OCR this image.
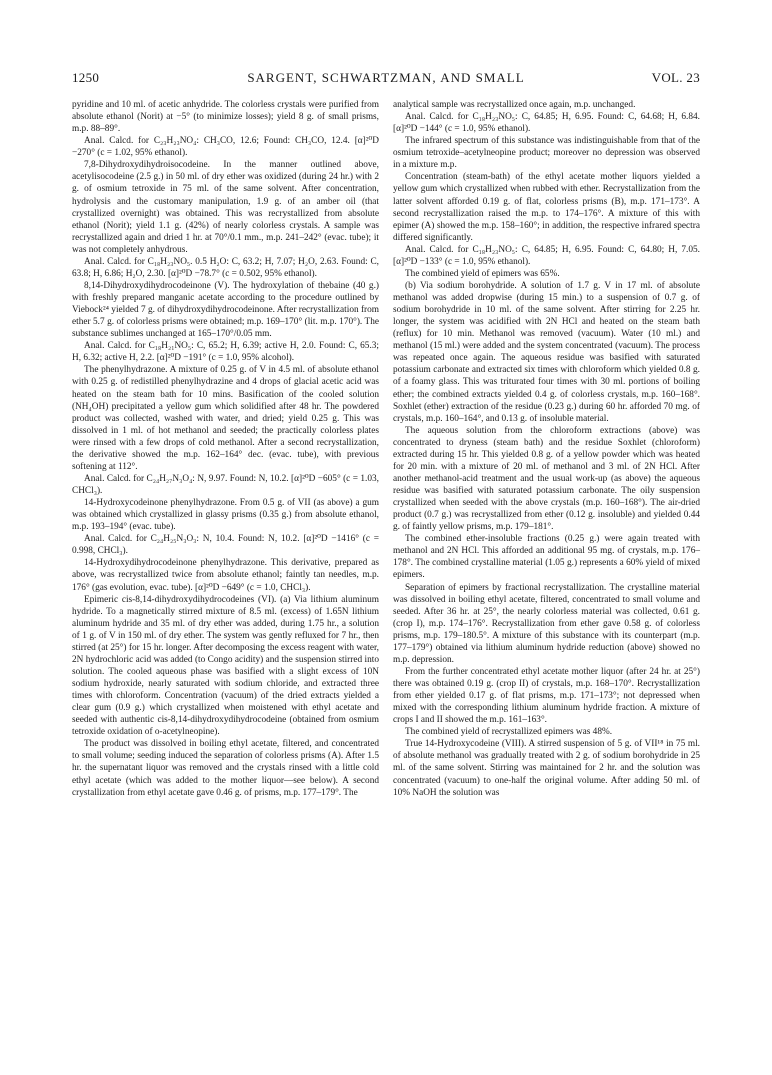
1250	SARGENT, SCHWARTZMAN, AND SMALL	VOL. 23

pyridine and 10 ml. of acetic anhydride. The colorless crystals were purified from absolute ethanol (Norit) at −5° (to minimize losses); yield 8 g. of small prisms, m.p. 88–89°.

Anal. Calcd. for C₂₃H₂₃NO₄: CH₃CO, 12.6; Found: CH₃CO, 12.4. [α]²⁰D −270° (c = 1.02, 95% ethanol).

7,8-Dihydroxydihydroisocodeine. In the manner outlined above, acetylisocodeine (2.5 g.) in 50 ml. of dry ether was oxidized (during 24 hr.) with 2 g. of osmium tetroxide in 75 ml. of the same solvent. After concentration, hydrolysis and the customary manipulation, 1.9 g. of an amber oil (that crystallized overnight) was obtained. This was recrystallized from absolute ethanol (Norit); yield 1.1 g. (42%) of nearly colorless crystals. A sample was recrystallized again and dried 1 hr. at 70°/0.1 mm., m.p. 241–242° (evac. tube); it was not completely anhydrous.

Anal. Calcd. for C₁₈H₂₃NO₅. 0.5 H₂O: C, 63.2; H, 7.07; H₂O, 2.63. Found: C, 63.8; H, 6.86; H₂O, 2.30. [α]²⁰D −78.7° (c = 0.502, 95% ethanol).

8,14-Dihydroxydihydrocodeinone (V). The hydroxylation of thebaine (40 g.) with freshly prepared manganic acetate according to the procedure outlined by Viebock²⁴ yielded 7 g. of dihydroxydihydrocodeinone. After recrystallization from ether 5.7 g. of colorless prisms were obtained; m.p. 169–170° (lit. m.p. 170°). The substance sublimes unchanged at 165–170°/0.05 mm.

Anal. Calcd. for C₁₈H₂₁NO₅: C, 65.2; H, 6.39; active H, 2.0. Found: C, 65.3; H, 6.32; active H, 2.2. [α]²⁰D −191° (c = 1.0, 95% alcohol).

The phenylhydrazone. A mixture of 0.25 g. of V in 4.5 ml. of absolute ethanol with 0.25 g. of redistilled phenylhydrazine and 4 drops of glacial acetic acid was heated on the steam bath for 10 mins. Basification of the cooled solution (NH₄OH) precipitated a yellow gum which solidified after 48 hr. The powdered product was collected, washed with water, and dried; yield 0.25 g. This was dissolved in 1 ml. of hot methanol and seeded; the practically colorless plates were rinsed with a few drops of cold methanol. After a second recrystallization, the derivative showed the m.p. 162–164° dec. (evac. tube), with previous softening at 112°.

Anal. Calcd. for C₂₄H₂₇N₃O₄: N, 9.97. Found: N, 10.2. [α]²⁰D −605° (c = 1.03, CHCl₃).

14-Hydroxycodeinone phenylhydrazone. From 0.5 g. of VII (as above) a gum was obtained which crystallized in glassy prisms (0.35 g.) from absolute ethanol, m.p. 193–194° (evac. tube).

Anal. Calcd. for C₂₄H₂₅N₃O₃: N, 10.4. Found: N, 10.2. [α]²⁰D −1416° (c = 0.998, CHCl₃).

14-Hydroxydihydrocodeinone phenylhydrazone. This derivative, prepared as above, was recrystallized twice from absolute ethanol; faintly tan needles, m.p. 176° (gas evolution, evac. tube). [α]²⁰D −649° (c = 1.0, CHCl₃).

Epimeric cis-8,14-dihydroxydihydrocodeines (VI). (a) Via lithium aluminum hydride. To a magnetically stirred mixture of 8.5 ml. (excess) of 1.65N lithium aluminum hydride and 35 ml. of dry ether was added, during 1.75 hr., a solution of 1 g. of V in 150 ml. of dry ether. The system was gently refluxed for 7 hr., then stirred (at 25°) for 15 hr. longer. After decomposing the excess reagent with water, 2N hydrochloric acid was added (to Congo acidity) and the suspension stirred into solution. The cooled aqueous phase was basified with a slight excess of 10N sodium hydroxide, nearly saturated with sodium chloride, and extracted three times with chloroform. Concentration (vacuum) of the dried extracts yielded a clear gum (0.9 g.) which crystallized when moistened with ethyl acetate and seeded with authentic cis-8,14-dihydroxydihydrocodeine (obtained from osmium tetroxide oxidation of o-acetylneopine).

The product was dissolved in boiling ethyl acetate, filtered, and concentrated to small volume; seeding induced the separation of colorless prisms (A). After 1.5 hr. the supernatant liquor was removed and the crystals rinsed with a little cold ethyl acetate (which was added to the mother liquor—see below). A second crystallization from ethyl acetate gave 0.46 g. of prisms, m.p. 177–179°. The

analytical sample was recrystallized once again, m.p. unchanged.

Anal. Calcd. for C₁₈H₂₃NO₅: C, 64.85; H, 6.95. Found: C, 64.68; H, 6.84. [α]²⁰D −144° (c = 1.0, 95% ethanol).

The infrared spectrum of this substance was indistinguishable from that of the osmium tetroxide–acetylneopine product; moreover no depression was observed in a mixture m.p.

Concentration (steam-bath) of the ethyl acetate mother liquors yielded a yellow gum which crystallized when rubbed with ether. Recrystallization from the latter solvent afforded 0.19 g. of flat, colorless prisms (B), m.p. 171–173°. A second recrystallization raised the m.p. to 174–176°. A mixture of this with epimer (A) showed the m.p. 158–160°; in addition, the respective infrared spectra differed significantly.

Anal. Calcd. for C₁₈H₂₃NO₅: C, 64.85; H, 6.95. Found: C, 64.80; H, 7.05. [α]²⁰D −133° (c = 1.0, 95% ethanol).

The combined yield of epimers was 65%.

(b) Via sodium borohydride. A solution of 1.7 g. V in 17 ml. of absolute methanol was added dropwise (during 15 min.) to a suspension of 0.7 g. of sodium borohydride in 10 ml. of the same solvent. After stirring for 2.25 hr. longer, the system was acidified with 2N HCl and heated on the steam bath (reflux) for 10 min. Methanol was removed (vacuum). Water (10 ml.) and methanol (15 ml.) were added and the system concentrated (vacuum). The process was repeated once again. The aqueous residue was basified with saturated potassium carbonate and extracted six times with chloroform which yielded 0.8 g. of a foamy glass. This was triturated four times with 30 ml. portions of boiling ether; the combined extracts yielded 0.4 g. of colorless crystals, m.p. 160–168°. Soxhlet (ether) extraction of the residue (0.23 g.) during 60 hr. afforded 70 mg. of crystals, m.p. 160–164°, and 0.13 g. of insoluble material.

The aqueous solution from the chloroform extractions (above) was concentrated to dryness (steam bath) and the residue Soxhlet (chloroform) extracted during 15 hr. This yielded 0.8 g. of a yellow powder which was heated for 20 min. with a mixture of 20 ml. of methanol and 3 ml. of 2N HCl. After another methanol-acid treatment and the usual work-up (as above) the aqueous residue was basified with saturated potassium carbonate. The oily suspension crystallized when seeded with the above crystals (m.p. 160–168°). The air-dried product (0.7 g.) was recrystallized from ether (0.12 g. insoluble) and yielded 0.44 g. of faintly yellow prisms, m.p. 179–181°.

The combined ether-insoluble fractions (0.25 g.) were again treated with methanol and 2N HCl. This afforded an additional 95 mg. of crystals, m.p. 176–178°. The combined crystalline material (1.05 g.) represents a 60% yield of mixed epimers.

Separation of epimers by fractional recrystallization. The crystalline material was dissolved in boiling ethyl acetate, filtered, concentrated to small volume and seeded. After 36 hr. at 25°, the nearly colorless material was collected, 0.61 g. (crop I), m.p. 174–176°. Recrystallization from ether gave 0.58 g. of colorless prisms, m.p. 179–180.5°. A mixture of this substance with its counterpart (m.p. 177–179°) obtained via lithium aluminum hydride reduction (above) showed no m.p. depression.

From the further concentrated ethyl acetate mother liquor (after 24 hr. at 25°) there was obtained 0.19 g. (crop II) of crystals, m.p. 168–170°. Recrystallization from ether yielded 0.17 g. of flat prisms, m.p. 171–173°; not depressed when mixed with the corresponding lithium aluminum hydride fraction. A mixture of crops I and II showed the m.p. 161–163°.

The combined yield of recrystallized epimers was 48%.

True 14-Hydroxycodeine (VIII). A stirred suspension of 5 g. of VII¹⁸ in 75 ml. of absolute methanol was gradually treated with 2 g. of sodium borohydride in 25 ml. of the same solvent. Stirring was maintained for 2 hr. and the solution was concentrated (vacuum) to one-half the original volume. After adding 50 ml. of 10% NaOH the solution was
